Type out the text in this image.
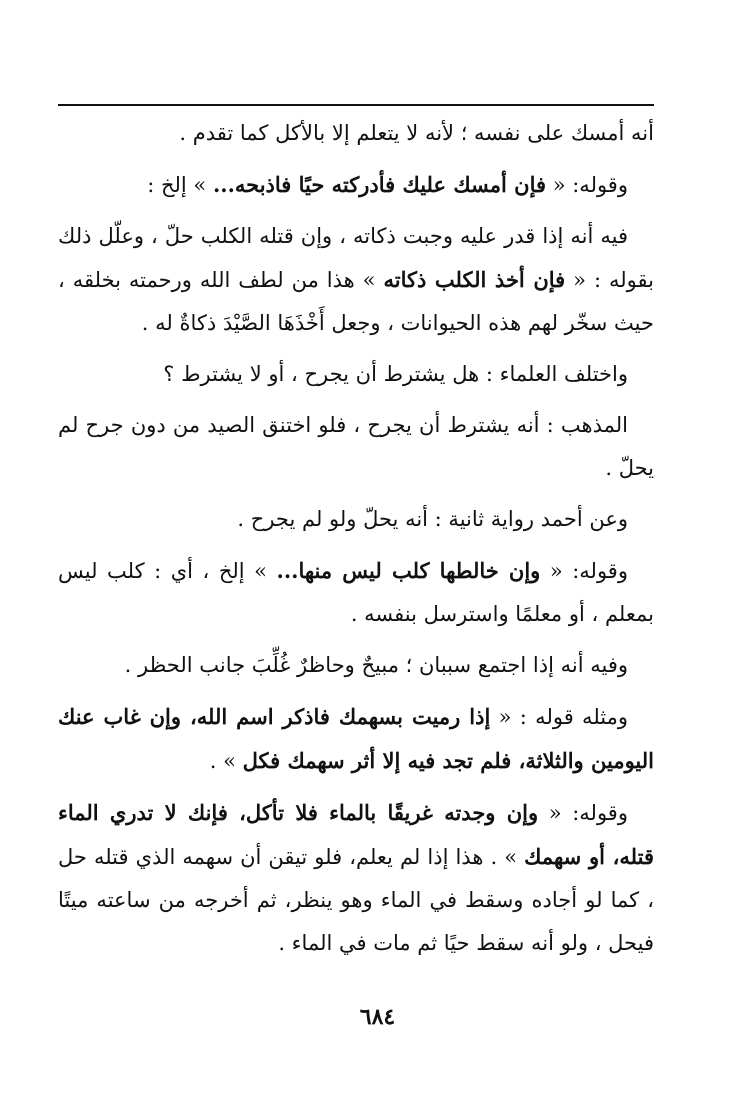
أنه أمسك على نفسه ؛ لأنه لا يتعلم إلا بالأكل كما تقدم .

وقوله: « فإن أمسك عليك فأدركته حيًا فاذبحه... » إلخ :

فيه أنه إذا قدر عليه وجبت ذكاته ، وإن قتله الكلب حلّ ، وعلّل ذلك بقوله : « فإن أخذ الكلب ذكاته » هذا من لطف الله ورحمته بخلقه ، حيث سخّر لهم هذه الحيوانات ، وجعل أَخْذَهَا الصَّيْدَ ذكاةٌ له .

واختلف العلماء : هل يشترط أن يجرح ، أو لا يشترط ؟

المذهب : أنه يشترط أن يجرح ، فلو اختنق الصيد من دون جرح لم يحلّ .

وعن أحمد رواية ثانية : أنه يحلّ ولو لم يجرح .

وقوله: « وإن خالطها كلب ليس منها... » إلخ ، أي : كلب ليس بمعلم ، أو معلمًا واسترسل بنفسه .

وفيه أنه إذا اجتمع سببان ؛ مبيحٌ وحاظرٌ غُلِّبَ جانب الحظر .

ومثله قوله : « إذا رميت بسهمك فاذكر اسم الله، وإن غاب عنك اليومين والثلاثة، فلم تجد فيه إلا أثر سهمك فكل » .

وقوله: « وإن وجدته غريقًا بالماء فلا تأكل، فإنك لا تدري الماء قتله، أو سهمك » . هذا إذا لم يعلم، فلو تيقن أن سهمه الذي قتله حل ، كما لو أجاده وسقط في الماء وهو ينظر، ثم أخرجه من ساعته ميتًا فيحل ، ولو أنه سقط حيًا ثم مات في الماء .

٦٨٤
